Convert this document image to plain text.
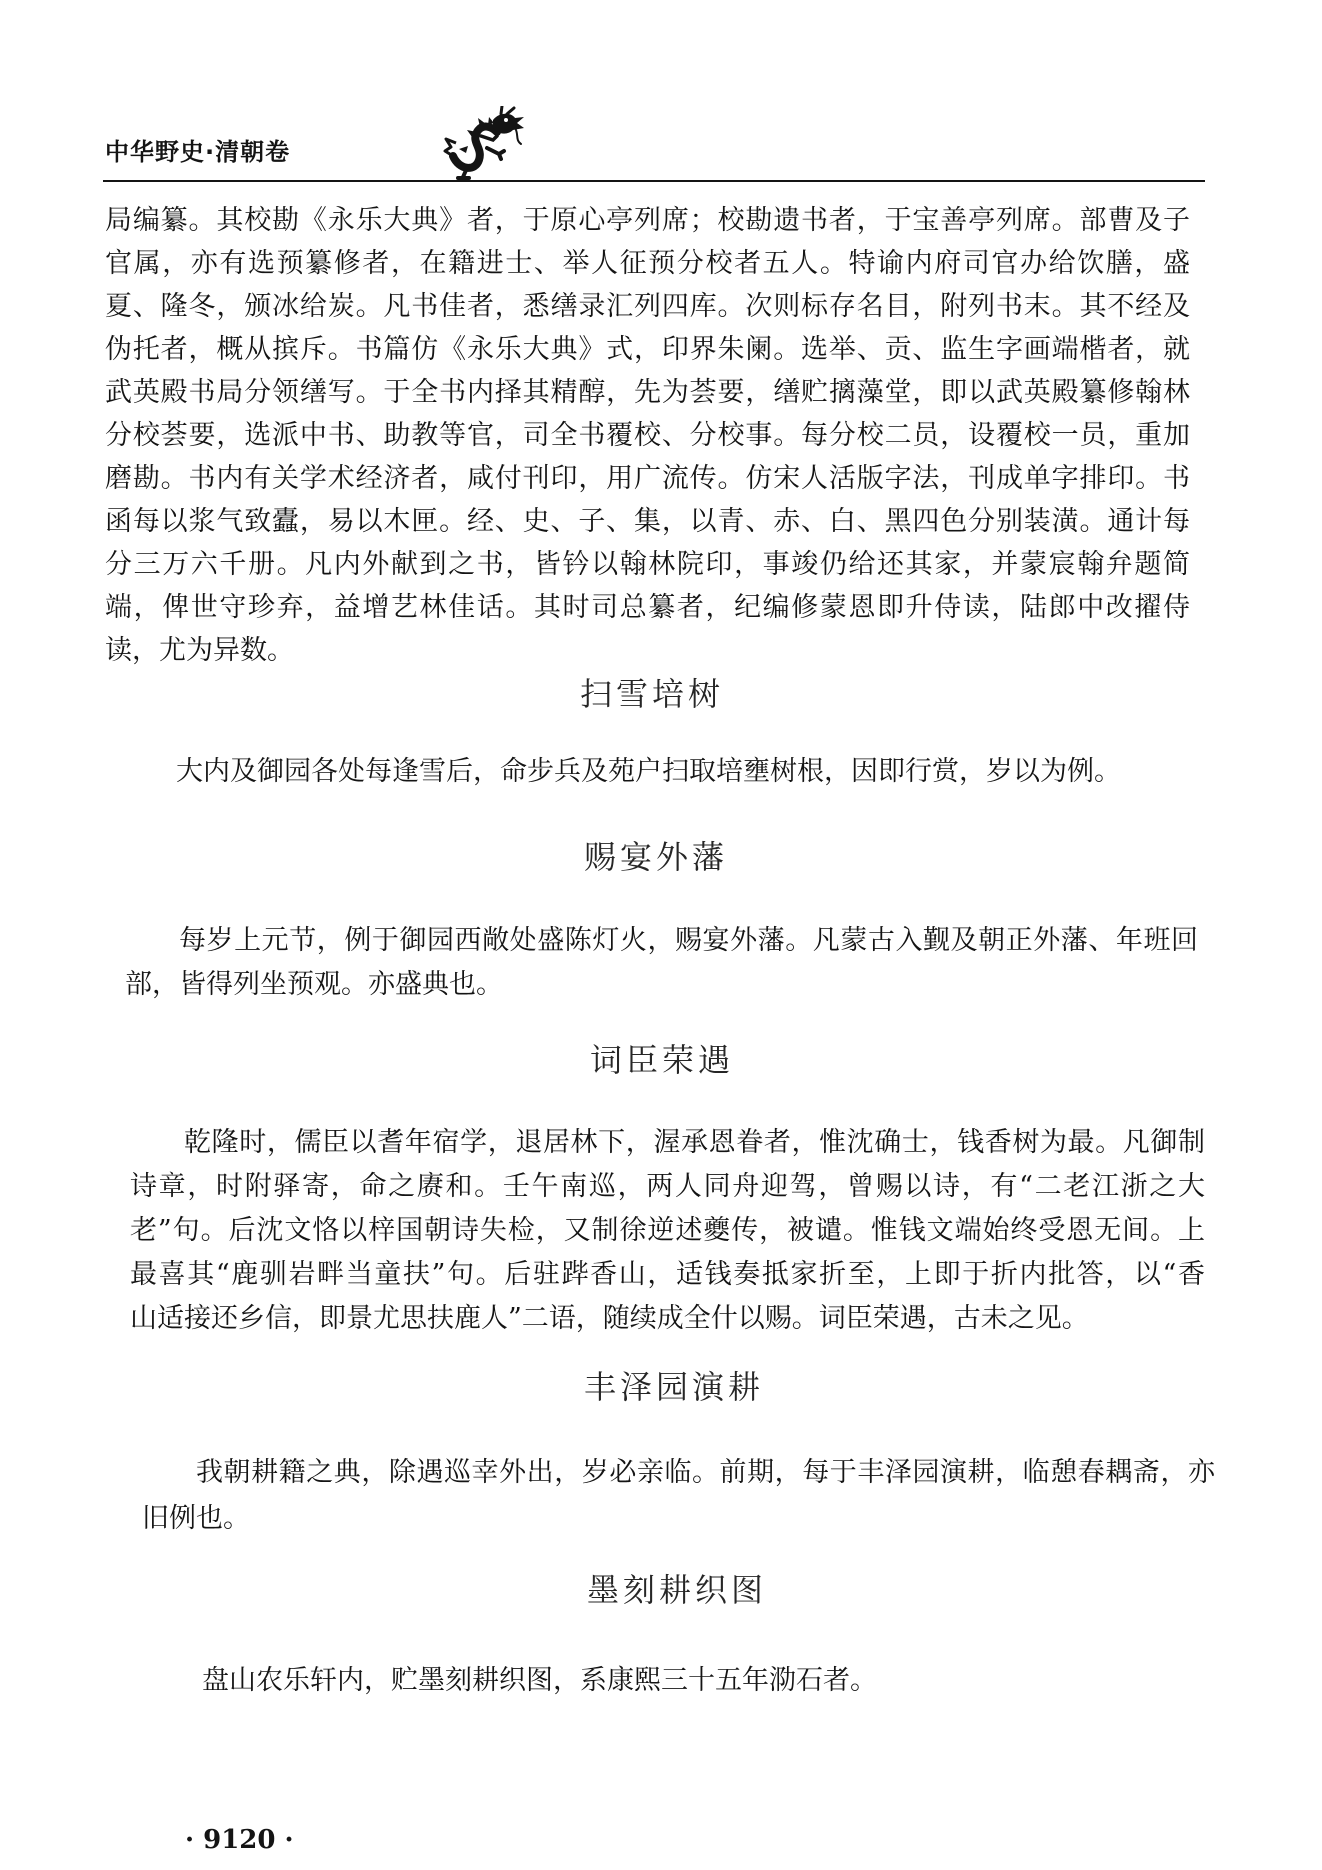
中华野史·清朝卷
局编纂。其校勘《永乐大典》者，于原心亭列席；校勘遗书者，于宝善亭列席。部曹及子
官属，亦有选预纂修者，在籍进士、举人征预分校者五人。特谕内府司官办给饮膳，盛
夏、隆冬，颁冰给炭。凡书佳者，悉缮录汇列四库。次则标存名目，附列书末。其不经及
伪托者，概从摈斥。书篇仿《永乐大典》式，印界朱阑。选举、贡、监生字画端楷者，就
武英殿书局分领缮写。于全书内择其精醇，先为荟要，缮贮摛藻堂，即以武英殿纂修翰林
分校荟要，选派中书、助教等官，司全书覆校、分校事。每分校二员，设覆校一员，重加
磨勘。书内有关学术经济者，咸付刊印，用广流传。仿宋人活版字法，刊成单字排印。书
函每以浆气致蠹，易以木匣。经、史、子、集，以青、赤、白、黑四色分别装潢。通计每
分三万六千册。凡内外献到之书，皆钤以翰林院印，事竣仍给还其家，并蒙宸翰弁题简
端，俾世守珍弃，益增艺林佳话。其时司总纂者，纪编修蒙恩即升侍读，陆郎中改擢侍
读，尤为异数。
扫雪培树
大内及御园各处每逢雪后，命步兵及苑户扫取培壅树根，因即行赏，岁以为例。
赐宴外藩
每岁上元节，例于御园西敞处盛陈灯火，赐宴外藩。凡蒙古入觐及朝正外藩、年班回
部，皆得列坐预观。亦盛典也。
词臣荣遇
乾隆时，儒臣以耆年宿学，退居林下，渥承恩眷者，惟沈确士，钱香树为最。凡御制
诗章，时附驿寄，命之赓和。壬午南巡，两人同舟迎驾，曾赐以诗，有“二老江浙之大
老”句。后沈文恪以梓国朝诗失检，又制徐逆述夔传，被谴。惟钱文端始终受恩无间。上
最喜其“鹿驯岩畔当童扶”句。后驻跸香山，适钱奏抵家折至，上即于折内批答，以“香
山适接还乡信，即景尤思扶鹿人”二语，随续成全什以赐。词臣荣遇，古未之见。
丰泽园演耕
我朝耕籍之典，除遇巡幸外出，岁必亲临。前期，每于丰泽园演耕，临憩春耦斋，亦
旧例也。
墨刻耕织图
盘山农乐轩内，贮墨刻耕织图，系康熙三十五年泐石者。
· 9120 ·
